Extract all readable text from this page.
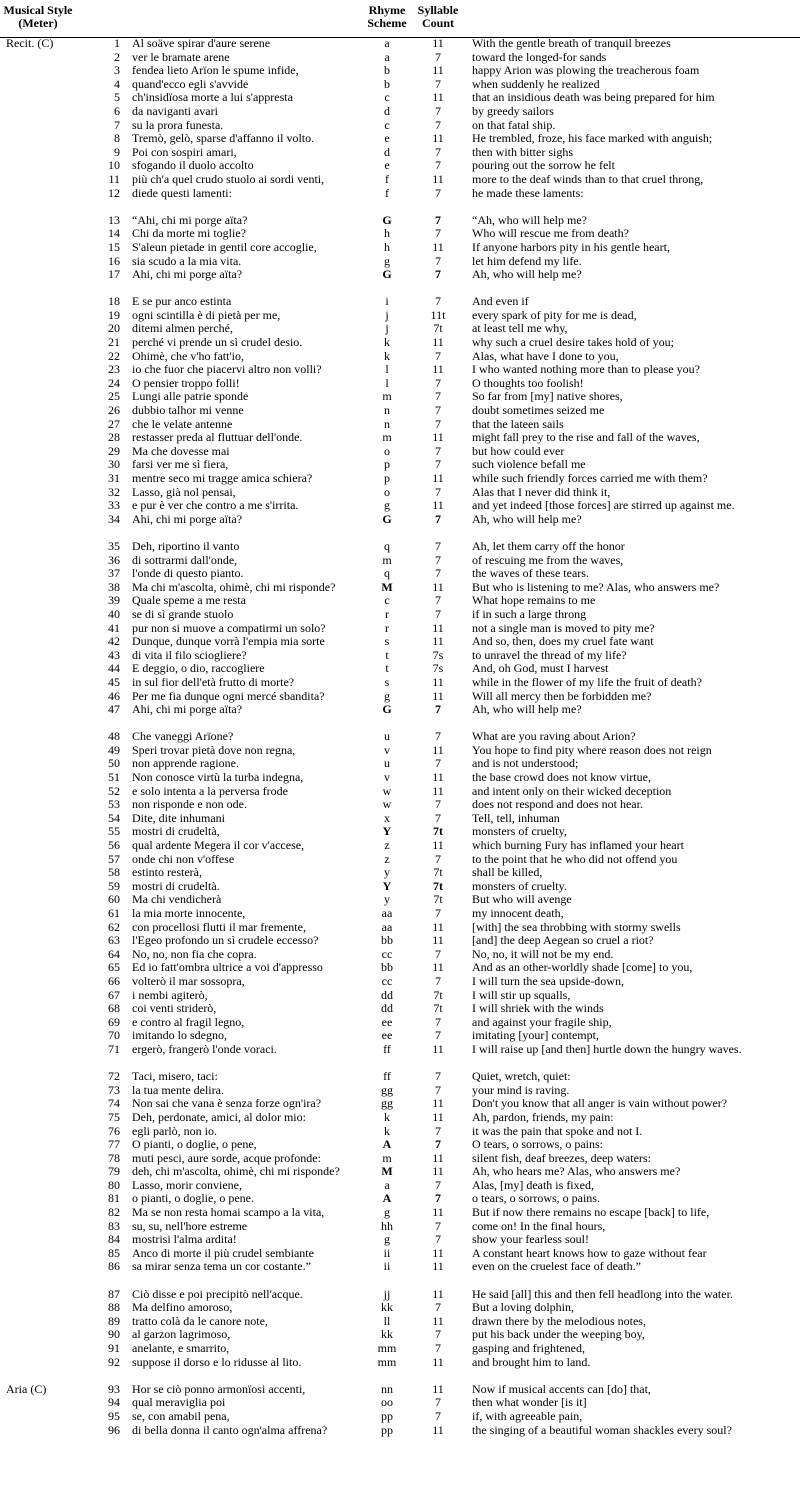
Musical Style
(Meter)
Rhyme
Scheme
Syllable
Count
Recit. (C)	1 Al soäve spirar d'aure serene	a	11	With the gentle breath of tranquil breezes
2 ver le bramate arene	a	7	toward the longed-for sands
3 fendea lieto Arïon le spume infide,	b	11	happy Arion was plowing the treacherous foam
4 quand'ecco egli s'avvide	b	7	when suddenly he realized
5 ch'insidïosa morte a lui s'appresta	c	11	that an insidious death was being prepared for him
6 da naviganti avari	d	7	by greedy sailors
7 su la prora funesta.	c	7	on that fatal ship.
8 Tremò, gelò, sparse d'affanno il volto.	e	11	He trembled, froze, his face marked with anguish;
9 Poi con sospiri amari,	d	7	then with bitter sighs
10 sfogando il duolo accolto	e	7	pouring out the sorrow he felt
11 più ch'a quel crudo stuolo ai sordi venti,	f	11	more to the deaf winds than to that cruel throng,
12 diede questi lamenti:	f	7	he made these laments:
13 “Ahi, chi mi porge aïta?	G	7	“Ah, who will help me?
14 Chi da morte mi toglie?	h	7	Who will rescue me from death?
15 S'aleun pietade in gentil core accoglie,	h	11	If anyone harbors pity in his gentle heart,
16 sia scudo a la mia vita.	g	7	let him defend my life.
17 Ahi, chi mi porge aïta?	G	7	Ah, who will help me?
18 E se pur anco estinta	i	7	And even if
19 ogni scintilla è di pietà per me,	j	11t	every spark of pity for me is dead,
20 ditemi almen perché,	j	7t	at least tell me why,
21 perché vi prende un sì crudel desio.	k	11	why such a cruel desire takes hold of you;
22 Ohimè, che v'ho fatt'io,	k	7	Alas, what have I done to you,
23 io che fuor che piacervi altro non volli?	l	11	I who wanted nothing more than to please you?
24 O pensier troppo folli!	l	7	O thoughts too foolish!
25 Lungi alle patrie sponde	m	7	So far from [my] native shores,
26 dubbio talhor mi venne	n	7	doubt sometimes seized me
27 che le velate antenne	n	7	that the lateen sails
28 restasser preda al fluttuar dell'onde.	m	11	might fall prey to the rise and fall of the waves,
29 Ma che dovesse mai	o	7	but how could ever
30 farsi ver me sì fiera,	p	7	such violence befall me
31 mentre seco mi tragge amica schiera?	p	11	while such friendly forces carried me with them?
32 Lasso, già nol pensai,	o	7	Alas that I never did think it,
33 e pur è ver che contro a me s'irrita.	g	11	and yet indeed [those forces] are stirred up against me.
34 Ahi, chi mi porge aïta?	G	7	Ah, who will help me?
35 Deh, riportino il vanto	q	7	Ah, let them carry off the honor
36 di sottrarmi dall'onde,	m	7	of rescuing me from the waves,
37 l'onde di questo pianto.	q	7	the waves of these tears.
38 Ma chi m'ascolta, ohimè, chi mi risponde?	M	11	But who is listening to me? Alas, who answers me?
39 Quale speme a me resta	c	7	What hope remains to me
40 se di sì grande stuolo	r	7	if in such a large throng
41 pur non si muove a compatirmi un solo?	r	11	not a single man is moved to pity me?
42 Dunque, dunque vorrà l'empia mia sorte	s	11	And so, then, does my cruel fate want
43 di vita il filo sciogliere?	t	7s	to unravel the thread of my life?
44 E deggio, o dio, raccogliere	t	7s	And, oh God, must I harvest
45 in sul fior dell'età frutto di morte?	s	11	while in the flower of my life the fruit of death?
46 Per me fia dunque ogni mercé sbandita?	g	11	Will all mercy then be forbidden me?
47 Ahi, chi mi porge aïta?	G	7	Ah, who will help me?
48 Che vaneggi Arïone?	u	7	What are you raving about Arion?
49 Speri trovar pietà dove non regna,	v	11	You hope to find pity where reason does not reign
50 non apprende ragione.	u	7	and is not understood;
51 Non conosce virtù la turba indegna,	v	11	the base crowd does not know virtue,
52 e solo intenta a la perversa frode	w	11	and intent only on their wicked deception
53 non risponde e non ode.	w	7	does not respond and does not hear.
54 Dite, dite inhumani	x	7	Tell, tell, inhuman
55 mostri di crudeltà,	Y	7t	monsters of cruelty,
56 qual ardente Megera il cor v'accese,	z	11	which burning Fury has inflamed your heart
57 onde chi non v'offese	z	7	to the point that he who did not offend you
58 estinto resterà,	y	7t	shall be killed,
59 mostri di crudeltà.	Y	7t	monsters of cruelty.
60 Ma chi vendicherà	y	7t	But who will avenge
61 la mia morte innocente,	aa	7	my innocent death,
62 con procellosi flutti il mar fremente,	aa	11	[with] the sea throbbing with stormy swells
63 l'Egeo profondo un sì crudele eccesso?	bb	11	[and] the deep Aegean so cruel a riot?
64 No, no, non fia che copra.	cc	7	No, no, it will not be my end.
65 Ed io fatt'ombra ultrice a voi d'appresso	bb	11	And as an other-worldly shade [come] to you,
66 volterò il mar sossopra,	cc	7	I will turn the sea upside-down,
67 i nembi agiterò,	dd	7t	I will stir up squalls,
68 coi venti striderò,	dd	7t	I will shriek with the winds
69 e contro al fragil legno,	ee	7	and against your fragile ship,
70 imitando lo sdegno,	ee	7	imitating [your] contempt,
71 ergerò, frangerò l'onde voraci.	ff	11	I will raise up [and then] hurtle down the hungry waves.
72 Taci, misero, taci:	ff	7	Quiet, wretch, quiet:
73 la tua mente delira.	gg	7	your mind is raving.
74 Non sai che vana è senza forze ogn'ira?	gg	11	Don't you know that all anger is vain without power?
75 Deh, perdonate, amici, al dolor mio:	k	11	Ah, pardon, friends, my pain:
76 egli parlò, non io.	k	7	it was the pain that spoke and not I.
77 O pianti, o doglie, o pene,	A	7	O tears, o sorrows, o pains:
78 muti pesci, aure sorde, acque profonde:	m	11	silent fish, deaf breezes, deep waters:
79 deh, chi m'ascolta, ohimè, chi mi risponde?	M	11	Ah, who hears me? Alas, who answers me?
80 Lasso, morir conviene,	a	7	Alas, [my] death is fixed,
81 o pianti, o doglie, o pene.	A	7	o tears, o sorrows, o pains.
82 Ma se non resta homai scampo a la vita,	g	11	But if now there remains no escape [back] to life,
83 su, su, nell'hore estreme	hh	7	come on! In the final hours,
84 mostrisi l'alma ardita!	g	7	show your fearless soul!
85 Anco di morte il più crudel sembiante	ii	11	A constant heart knows how to gaze without fear
86 sa mirar senza tema un cor costante.”	ii	11	even on the cruelest face of death.”
87 Ciò disse e poi precipitò nell'acque.	jj	11	He said [all] this and then fell headlong into the water.
88 Ma delfino amoroso,	kk	7	But a loving dolphin,
89 tratto colà da le canore note,	ll	11	drawn there by the melodious notes,
90 al garzon lagrimoso,	kk	7	put his back under the weeping boy,
91 anelante, e smarrito,	mm	7	gasping and frightened,
92 suppose il dorso e lo ridusse al lito.	mm	11	and brought him to land.
Aria (C)	93 Hor se ciò ponno armonïosi accenti,	nn	11	Now if musical accents can [do] that,
94 qual meraviglia poi	oo	7	then what wonder [is it]
95 se, con amabil pena,	pp	7	if, with agreeable pain,
96 di bella donna il canto ogn'alma affrena?	pp	11	the singing of a beautiful woman shackles every soul?
